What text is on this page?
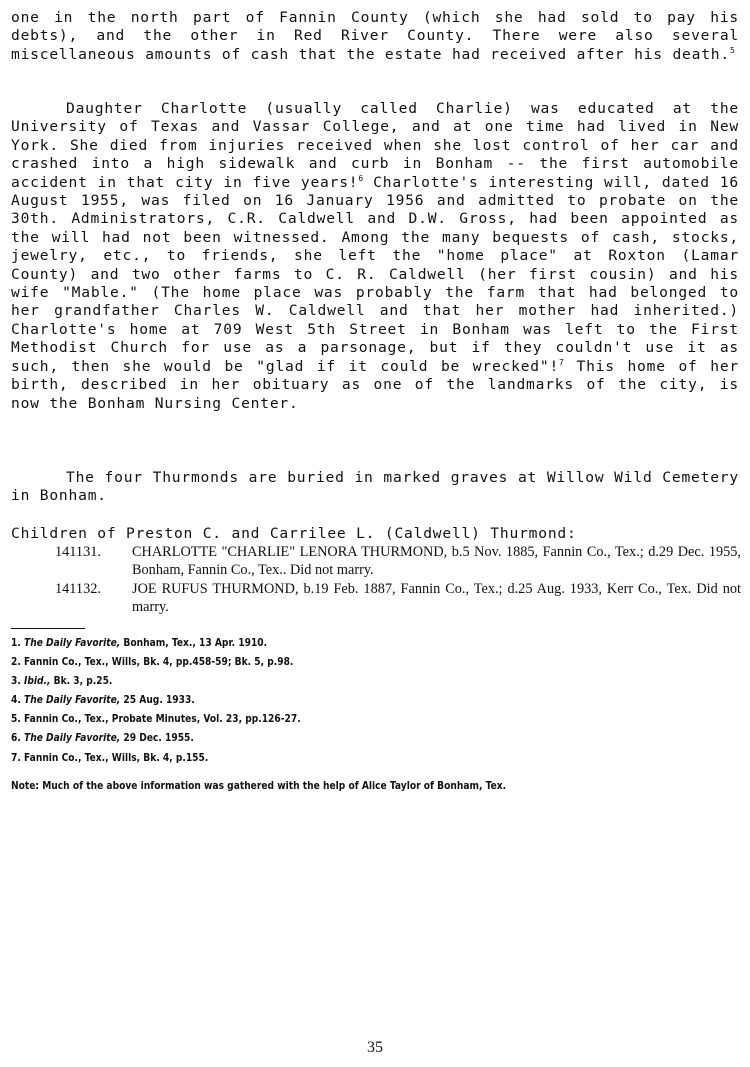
one in the north part of Fannin County (which she had sold to pay his debts), and the other in Red River County. There were also several miscellaneous amounts of cash that the estate had received after his death.$^5$

Daughter Charlotte (usually called Charlie) was educated at the University of Texas and Vassar College, and at one time had lived in New York. She died from injuries received when she lost control of her car and crashed into a high sidewalk and curb in Bonham -- the first automobile accident in that city in five years!$^6$ Charlotte's interesting will, dated 16 August 1955, was filed on 16 January 1956 and admitted to probate on the 30th. Administrators, C.R. Caldwell and D.W. Gross, had been appointed as the will had not been witnessed. Among the many bequests of cash, stocks, jewelry, etc., to friends, she left the "home place" at Roxton (Lamar County) and two other farms to C. R. Caldwell (her first cousin) and his wife "Mable." (The home place was probably the farm that had belonged to her grandfather Charles W. Caldwell and that her mother had inherited.) Charlotte's home at 709 West 5th Street in Bonham was left to the First Methodist Church for use as a parsonage, but if they couldn't use it as such, then she would be "glad if it could be wrecked"!$^7$ This home of her birth, described in her obituary as one of the landmarks of the city, is now the Bonham Nursing Center.

The four Thurmonds are buried in marked graves at Willow Wild Cemetery in Bonham.

Children of Preston C. and Carrilee L. (Caldwell) Thurmond:
141131.	CHARLOTTE "CHARLIE" LENORA THURMOND, b.5 Nov. 1885, Fannin Co., Tex.; d.29 Dec. 1955, Bonham, Fannin Co., Tex.. Did not marry.
141132.	JOE RUFUS THURMOND, b.19 Feb. 1887, Fannin Co., Tex.; d.25 Aug. 1933, Kerr Co., Tex. Did not marry.
1. The Daily Favorite, Bonham, Tex., 13 Apr. 1910.
2. Fannin Co., Tex., Wills, Bk. 4, pp.458-59; Bk. 5, p.98.
3. Ibid., Bk. 3, p.25.
4. The Daily Favorite, 25 Aug. 1933.
5. Fannin Co., Tex., Probate Minutes, Vol. 23, pp.126-27.
6. The Daily Favorite, 29 Dec. 1955.
7. Fannin Co., Tex., Wills, Bk. 4, p.155.
Note: Much of the above information was gathered with the help of Alice Taylor of Bonham, Tex.
35
